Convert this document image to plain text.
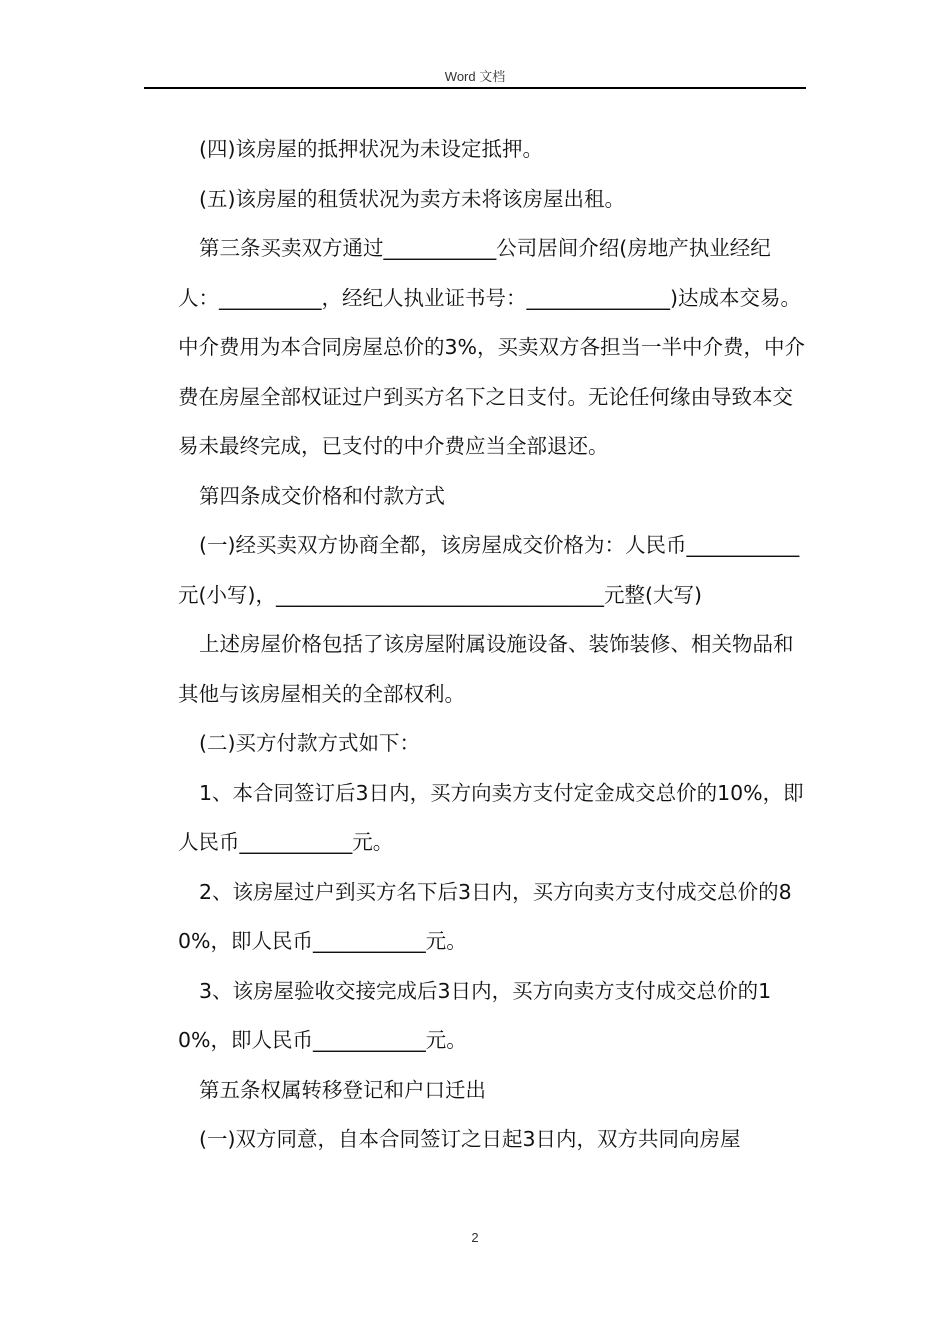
Word 文档

(四)该房屋的抵押状况为未设定抵押。

(五)该房屋的租赁状况为卖方未将该房屋出租。

第三条买卖双方通过___________公司居间介绍(房地产执业经纪人：__________，经纪人执业证书号：______________)达成本交易。中介费用为本合同房屋总价的3%，买卖双方各担当一半中介费，中介费在房屋全部权证过户到买方名下之日支付。无论任何缘由导致本交易未最终完成，已支付的中介费应当全部退还。

第四条成交价格和付款方式

(一)经买卖双方协商全都，该房屋成交价格为：人民币___________元(小写)，________________________________元整(大写)

上述房屋价格包括了该房屋附属设施设备、装饰装修、相关物品和其他与该房屋相关的全部权利。

(二)买方付款方式如下：

1、本合同签订后3日内，买方向卖方支付定金成交总价的10%，即人民币___________元。

2、该房屋过户到买方名下后3日内，买方向卖方支付成交总价的80%，即人民币___________元。

3、该房屋验收交接完成后3日内，买方向卖方支付成交总价的10%，即人民币___________元。

第五条权属转移登记和户口迁出

(一)双方同意，自本合同签订之日起3日内，双方共同向房屋

2
